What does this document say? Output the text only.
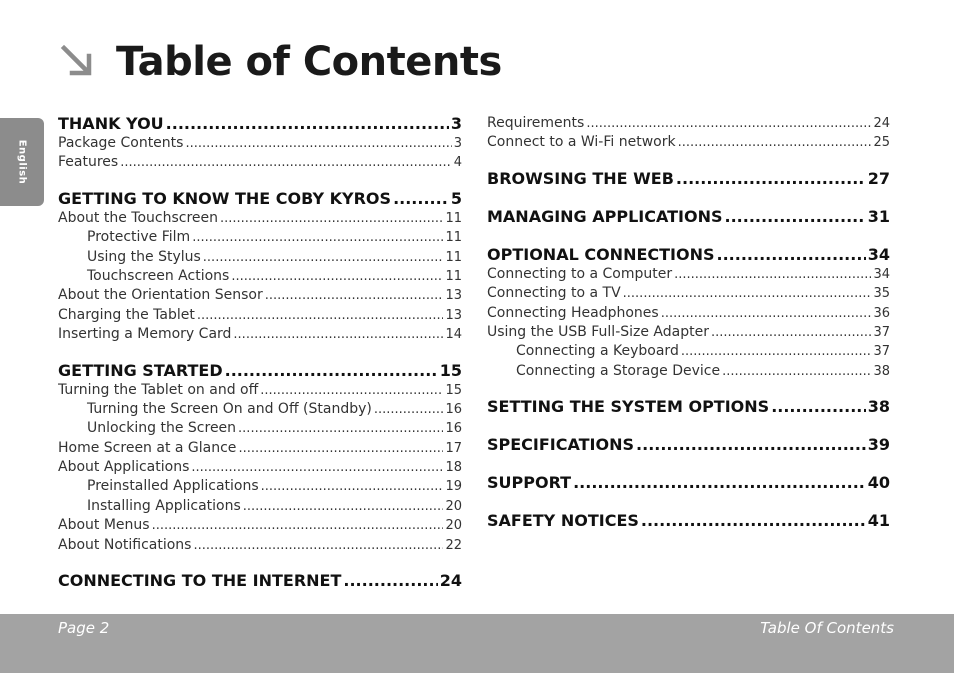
English
Table of Contents
THANK YOU .....	3
Package Contents .....	3
Features .....	4
GETTING TO KNOW THE COBY KYROS .....	5
About the Touchscreen .....	11
Protective Film .....	11
Using the Stylus .....	11
Touchscreen Actions .....	11
About the Orientation Sensor .....	13
Charging the Tablet .....	13
Inserting a Memory Card .....	14
GETTING STARTED .....	15
Turning the Tablet on and off .....	15
Turning the Screen On and Off (Standby) .....	16
Unlocking the Screen .....	16
Home Screen at a Glance .....	17
About Applications .....	18
Preinstalled Applications .....	19
Installing Applications .....	20
About Menus .....	20
About Notifications .....	22
CONNECTING TO THE INTERNET .....	24
Requirements .....	24
Connect to a Wi-Fi network .....	25
BROWSING THE WEB .....	27
MANAGING APPLICATIONS .....	31
OPTIONAL CONNECTIONS .....	34
Connecting to a Computer .....	34
Connecting to a TV .....	35
Connecting Headphones .....	36
Using the USB Full-Size Adapter .....	37
Connecting a Keyboard .....	37
Connecting a Storage Device .....	38
SETTING THE SYSTEM OPTIONS .....	38
SPECIFICATIONS .....	39
SUPPORT .....	40
SAFETY NOTICES .....	41
Page 2	Table Of Contents
